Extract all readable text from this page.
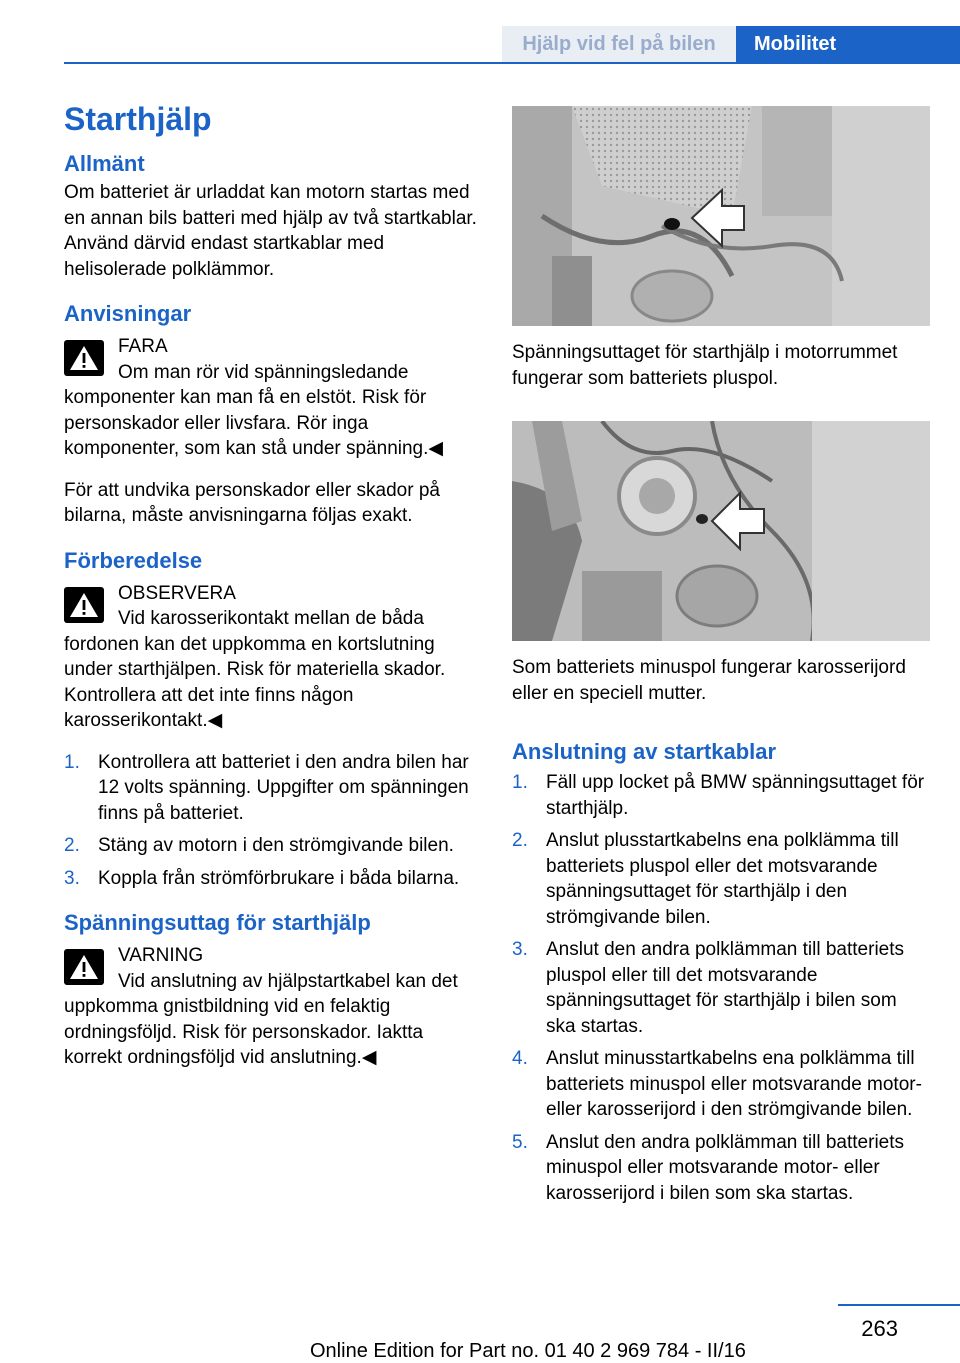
Hjälp vid fel på bilen	Mobilitet
Starthjälp
Allmänt

Om batteriet är urladdat kan motorn startas med en annan bils batteri med hjälp av två startkablar. Använd därvid endast startkablar med helisolerade polklämmor.

Anvisningar
FARA
Om man rör vid spänningsledande komponenter kan man få en elstöt. Risk för personskador eller livsfara. Rör inga komponenter, som kan stå under spänning.◀

För att undvika personskador eller skador på bilarna, måste anvisningarna följas exakt.

Förberedelse
OBSERVERA
Vid karosserikontakt mellan de båda fordonen kan det uppkomma en kortslutning under starthjälpen. Risk för materiella skador. Kontrollera att det inte finns någon karosserikontakt.◀
1. Kontrollera att batteriet i den andra bilen har 12 volts spänning. Uppgifter om spänningen finns på batteriet.
2. Stäng av motorn i den strömgivande bilen.
3. Koppla från strömförbrukare i båda bilarna.
Spänningsuttag för starthjälp
VARNING
Vid anslutning av hjälpstartkabel kan det uppkomma gnistbildning vid en felaktig ordningsföljd. Risk för personskador. Iaktta korrekt ordningsföljd vid anslutning.◀

Spänningsuttaget för starthjälp i motorrummet fungerar som batteriets pluspol.

Som batteriets minuspol fungerar karosserijord eller en speciell mutter.

Anslutning av startkablar
1. Fäll upp locket på BMW spänningsuttaget för starthjälp.
2. Anslut plusstartkabelns ena polklämma till batteriets pluspol eller det motsvarande spänningsuttaget för starthjälp i den strömgivande bilen.
3. Anslut den andra polklämman till batteriets pluspol eller till det motsvarande spänningsuttaget för starthjälp i bilen som ska startas.
4. Anslut minusstartkabelns ena polklämma till batteriets minuspol eller motsvarande motor- eller karosserijord i den strömgivande bilen.
5. Anslut den andra polklämman till batteriets minuspol eller motsvarande motor- eller karosserijord i bilen som ska startas.
263
Online Edition for Part no. 01 40 2 969 784 - II/16
